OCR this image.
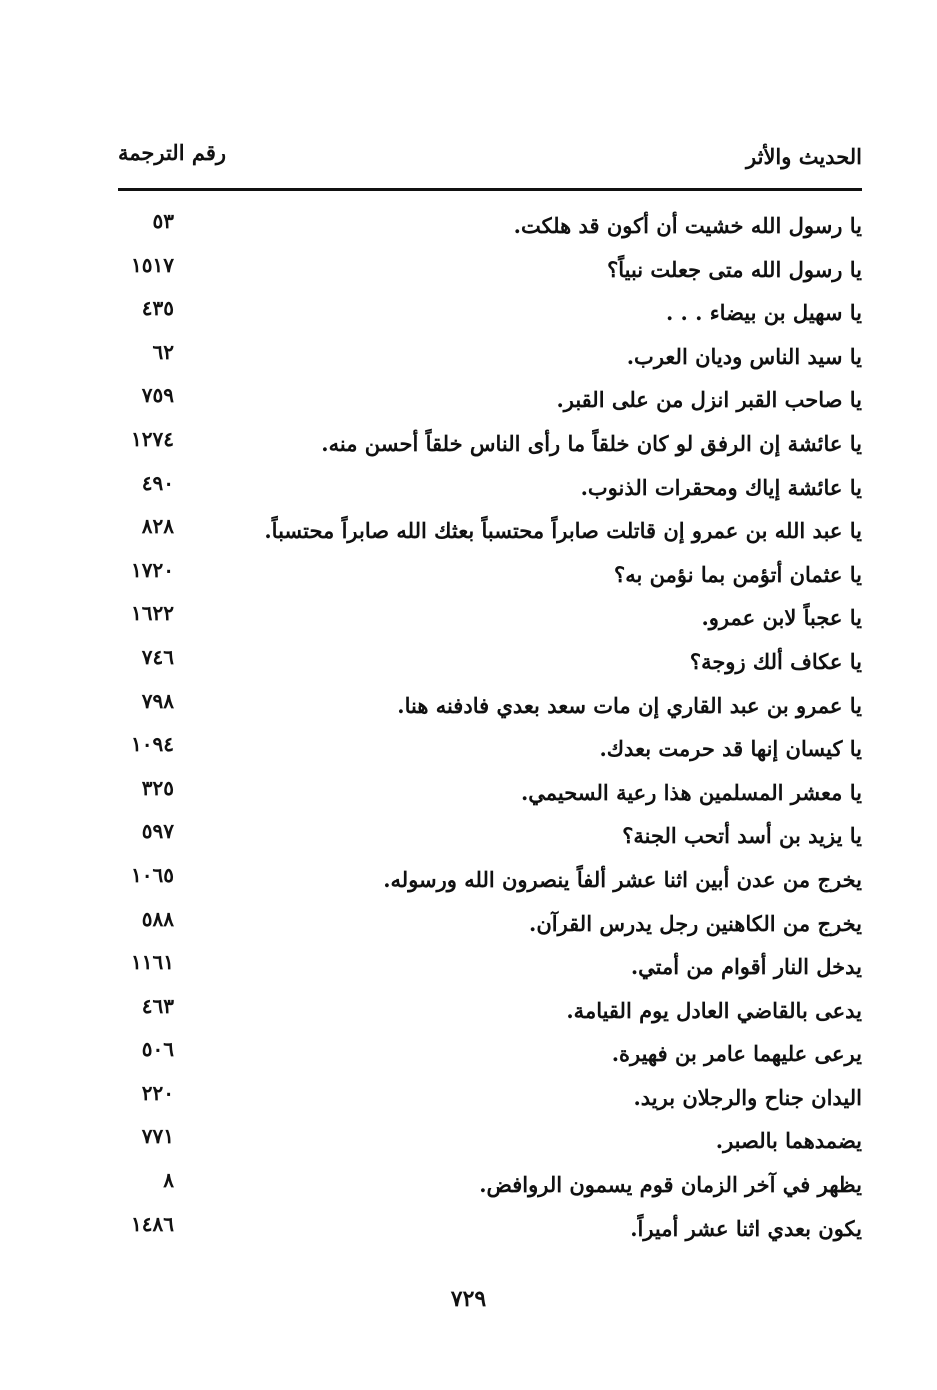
الحديث والأثر
رقم الترجمة
يا رسول الله خشيت أن أكون قد هلكت.
٥٣
يا رسول الله متى جعلت نبياً؟
١٥١٧
يا سهيل بن بيضاء . . .
٤٣٥
يا سيد الناس وديان العرب.
٦٢
يا صاحب القبر انزل من على القبر.
٧٥٩
يا عائشة إن الرفق لو كان خلقاً ما رأى الناس خلقاً أحسن منه.
١٢٧٤
يا عائشة إياك ومحقرات الذنوب.
٤٩٠
يا عبد الله بن عمرو إن قاتلت صابراً محتسباً بعثك الله صابراً محتسباً.
٨٢٨
يا عثمان أتؤمن بما نؤمن به؟
١٧٢٠
يا عجباً لابن عمرو.
١٦٢٢
يا عكاف ألك زوجة؟
٧٤٦
يا عمرو بن عبد القاري إن مات سعد بعدي فادفنه هنا.
٧٩٨
يا كيسان إنها قد حرمت بعدك.
١٠٩٤
يا معشر المسلمين هذا رعية السحيمي.
٣٢٥
يا يزيد بن أسد أتحب الجنة؟
٥٩٧
يخرج من عدن أبين اثنا عشر ألفاً ينصرون الله ورسوله.
١٠٦٥
يخرج من الكاهنين رجل يدرس القرآن.
٥٨٨
يدخل النار أقوام من أمتي.
١١٦١
يدعى بالقاضي العادل يوم القيامة.
٤٦٣
يرعى عليهما عامر بن فهيرة.
٥٠٦
اليدان جناح والرجلان بريد.
٢٢٠
يضمدهما بالصبر.
٧٧١
يظهر في آخر الزمان قوم يسمون الروافض.
٨
يكون بعدي اثنا عشر أميراً.
١٤٨٦
٧٢٩
